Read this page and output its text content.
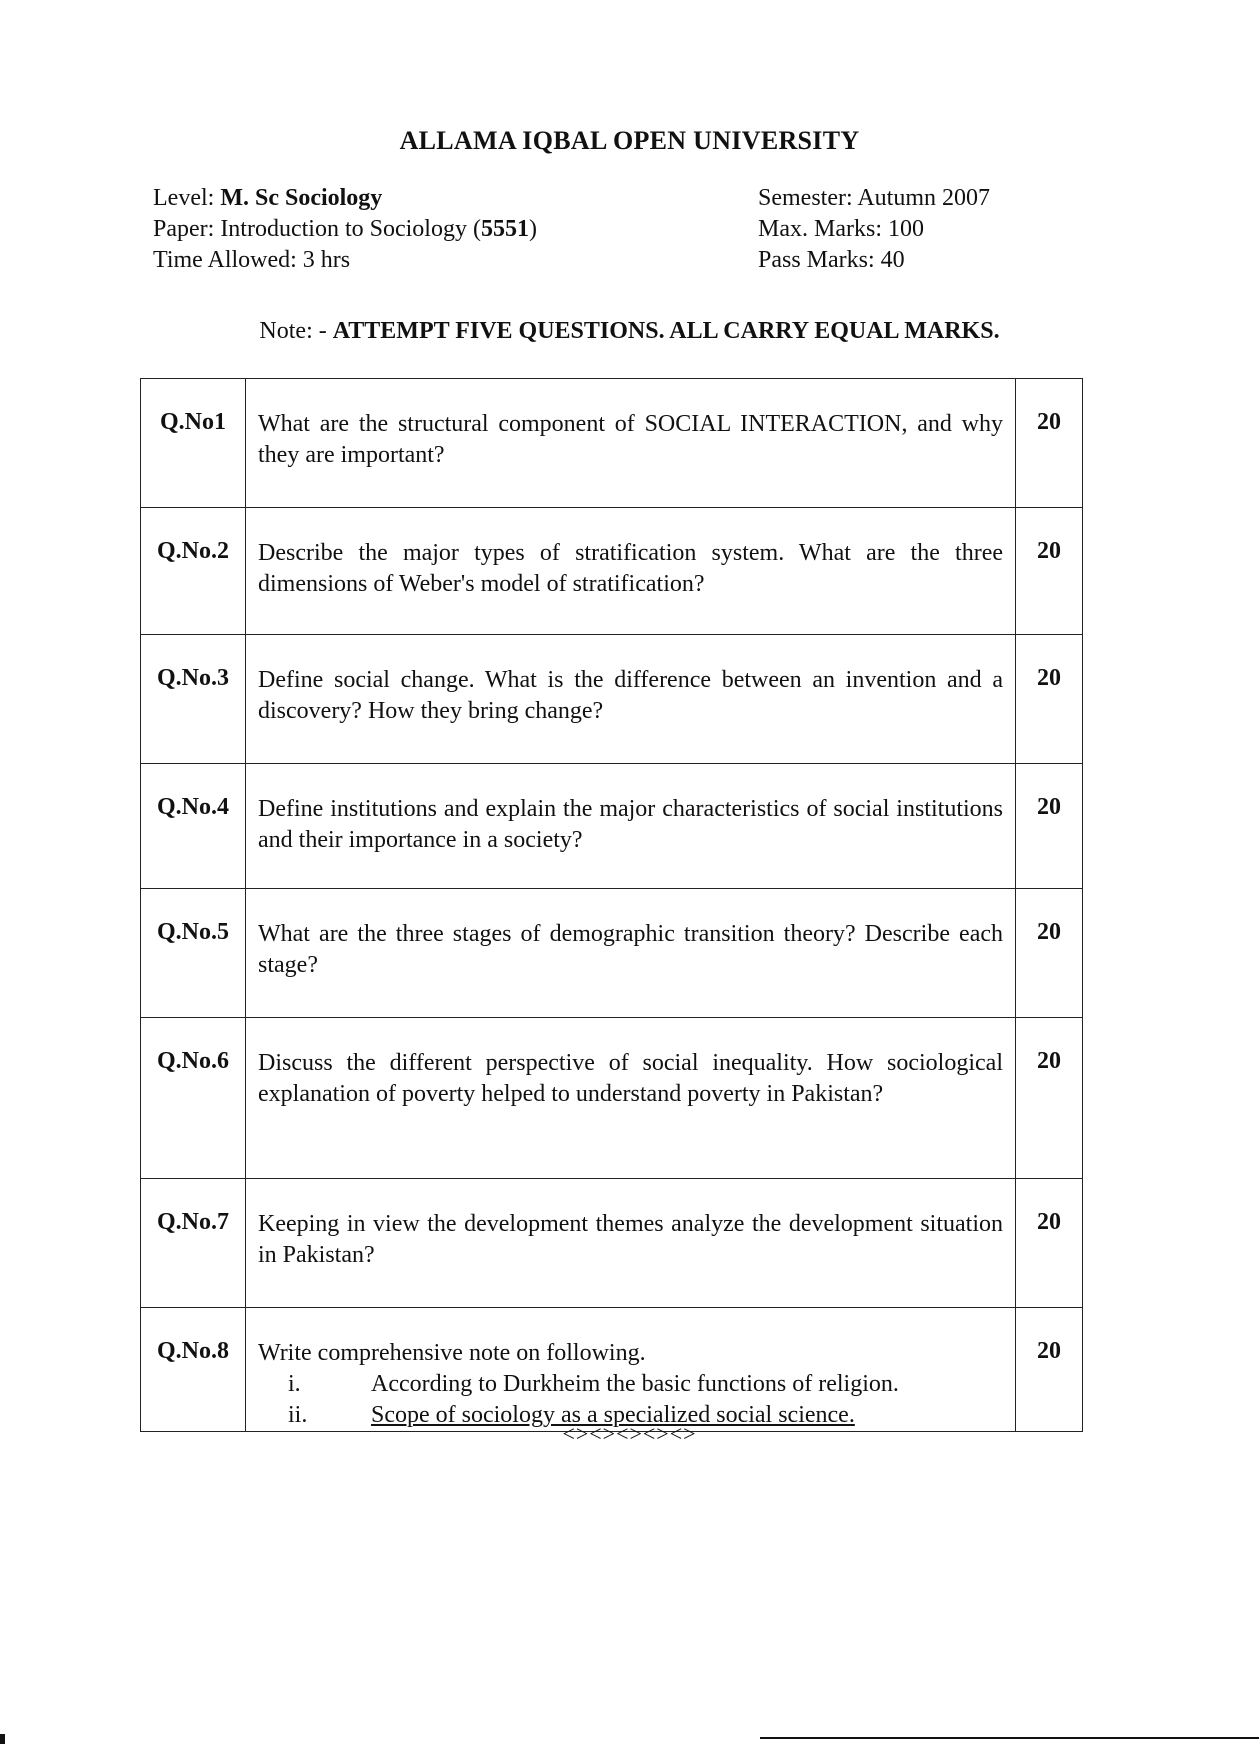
ALLAMA IQBAL OPEN UNIVERSITY
Level: M. Sc Sociology
Paper: Introduction to Sociology (5551)
Time Allowed: 3 hrs
Semester: Autumn 2007
Max. Marks: 100
Pass Marks: 40
Note: - ATTEMPT FIVE QUESTIONS. ALL CARRY EQUAL MARKS.
Q.No1	What are the structural component of SOCIAL INTERACTION, and why they are important?	20
Q.No.2	Describe the major types of stratification system. What are the three dimensions of Weber's model of stratification?	20
Q.No.3	Define social change. What is the difference between an invention and a discovery? How they bring change?	20
Q.No.4	Define institutions and explain the major characteristics of social institutions and their importance in a society?	20
Q.No.5	What are the three stages of demographic transition theory? Describe each stage?	20
Q.No.6	Discuss the different perspective of social inequality. How sociological explanation of poverty helped to understand poverty in Pakistan?	20
Q.No.7	Keeping in view the development themes analyze the development situation in Pakistan?	20
Q.No.8	Write comprehensive note on following.
i. According to Durkheim the basic functions of religion.
ii. Scope of sociology as a specialized social science.	20
<><><><><>
